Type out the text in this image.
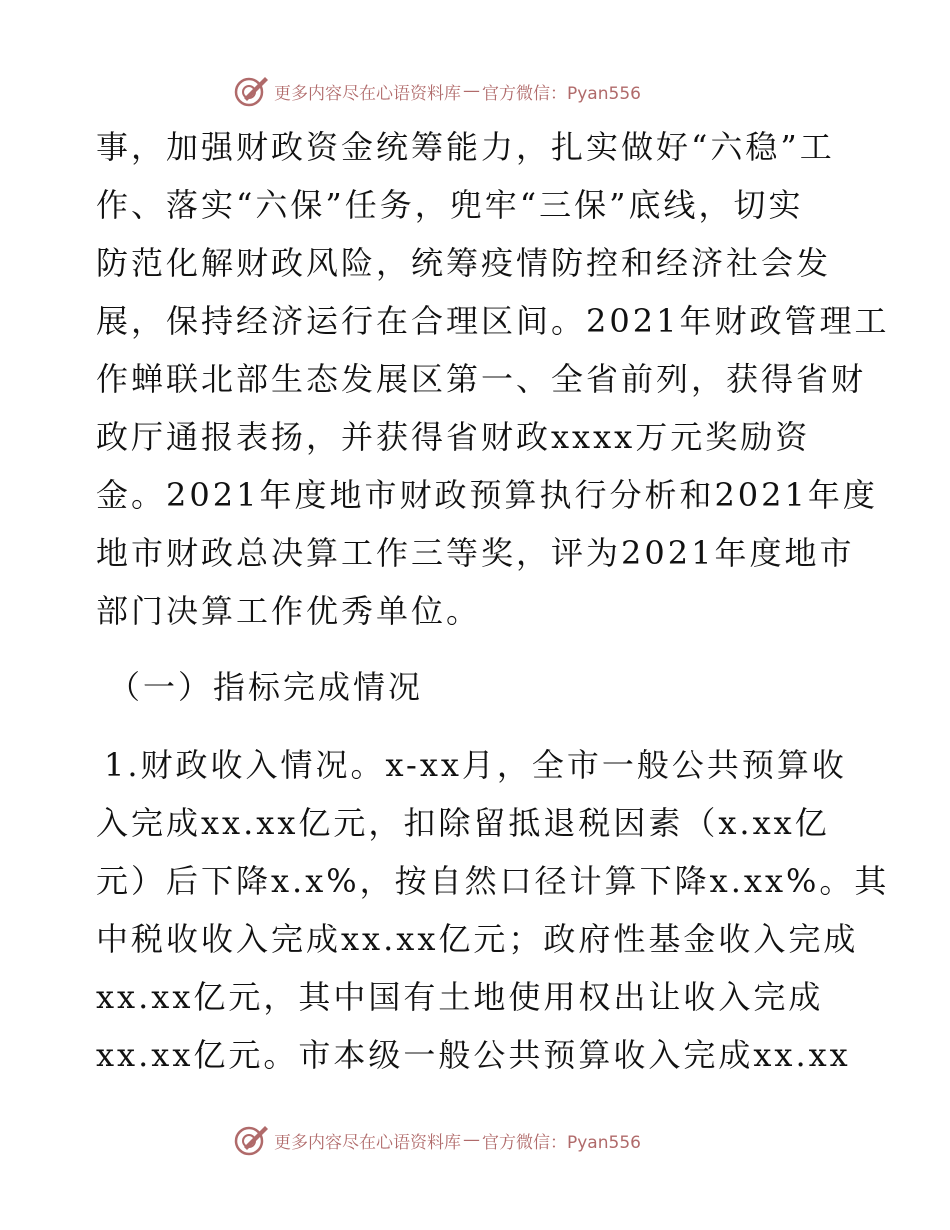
更多内容尽在心语资料库 — 官方微信：Pyan556
事，加强财政资金统筹能力，扎实做好“六稳”工
作、落实“六保”任务，兜牢“三保”底线，切实
防范化解财政风险，统筹疫情防控和经济社会发
展，保持经济运行在合理区间。2021年财政管理工
作蝉联北部生态发展区第一、全省前列，获得省财
政厅通报表扬，并获得省财政xxxx万元奖励资
金。2021年度地市财政预算执行分析和2021年度
地市财政总决算工作三等奖，评为2021年度地市
部门决算工作优秀单位。
（一）指标完成情况
1.财政收入情况。x-xx月，全市一般公共预算收
入完成xx.xx亿元，扣除留抵退税因素（x.xx亿
元）后下降x.x%，按自然口径计算下降x.xx%。其
中税收收入完成xx.xx亿元；政府性基金收入完成
xx.xx亿元，其中国有土地使用权出让收入完成
xx.xx亿元。市本级一般公共预算收入完成xx.xx
更多内容尽在心语资料库 — 官方微信：Pyan556
